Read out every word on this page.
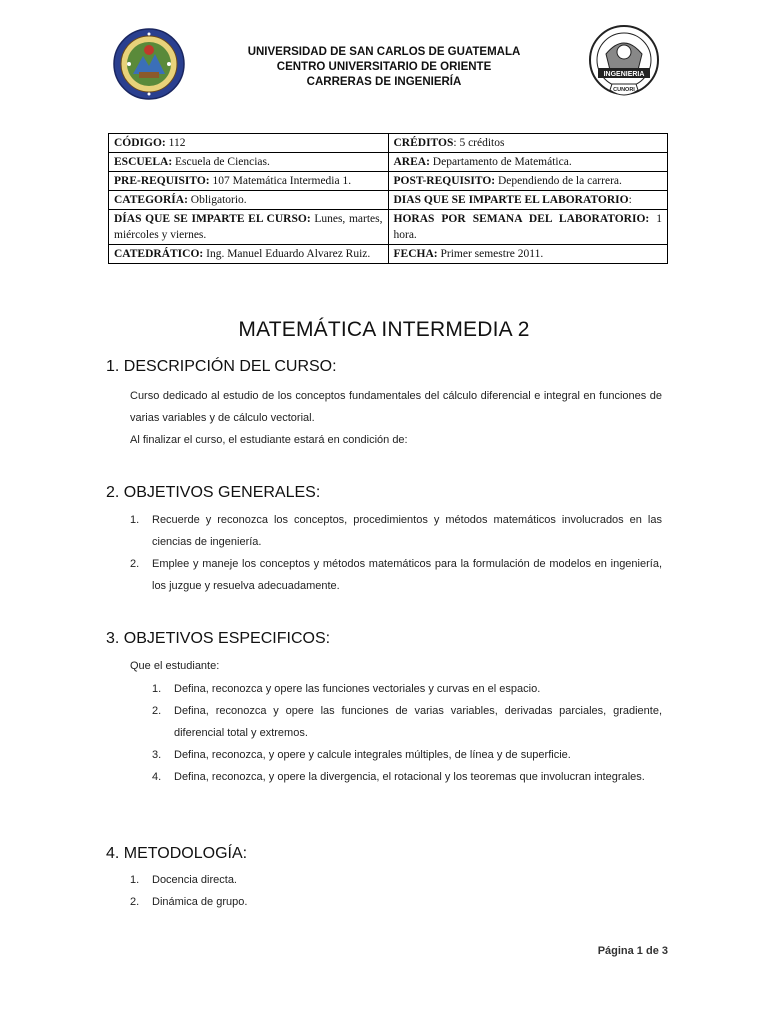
UNIVERSIDAD DE SAN CARLOS DE GUATEMALA
CENTRO UNIVERSITARIO DE ORIENTE
CARRERAS DE INGENIERÍA
INGENIERIA
CUNORI
CÓDIGO: 112	CRÉDITOS: 5 créditos
ESCUELA: Escuela de Ciencias.	AREA: Departamento de Matemática.
PRE-REQUISITO: 107 Matemática Intermedia 1.	POST-REQUISITO: Dependiendo de la carrera.
CATEGORÍA: Obligatorio.	DIAS QUE SE IMPARTE EL LABORATORIO:
DÍAS QUE SE IMPARTE EL CURSO: Lunes, martes, miércoles y viernes.	HORAS POR SEMANA DEL LABORATORIO: 1 hora.
CATEDRÁTICO: Ing. Manuel Eduardo Alvarez Ruiz.	FECHA: Primer semestre 2011.
MATEMÁTICA INTERMEDIA 2
1. DESCRIPCIÓN DEL CURSO:
Curso dedicado al estudio de los conceptos fundamentales del cálculo diferencial e integral en funciones de varias variables y de cálculo vectorial.
Al finalizar el curso, el estudiante estará en condición de:
2. OBJETIVOS GENERALES:
1. Recuerde y reconozca los conceptos, procedimientos y métodos matemáticos involucrados en las ciencias de ingeniería.
2. Emplee y maneje los conceptos y métodos matemáticos para la formulación de modelos en ingeniería, los juzgue y resuelva adecuadamente.
3. OBJETIVOS ESPECIFICOS:
Que el estudiante:
1. Defina, reconozca y opere las funciones vectoriales y curvas en el espacio.
2. Defina, reconozca y opere las funciones de varias variables, derivadas parciales, gradiente, diferencial total y extremos.
3. Defina, reconozca, y opere y calcule integrales múltiples, de línea y de superficie.
4. Defina, reconozca, y opere la divergencia, el rotacional y los teoremas que involucran integrales.
4. METODOLOGÍA:
1. Docencia directa.
2. Dinámica de grupo.
Página 1 de 3
